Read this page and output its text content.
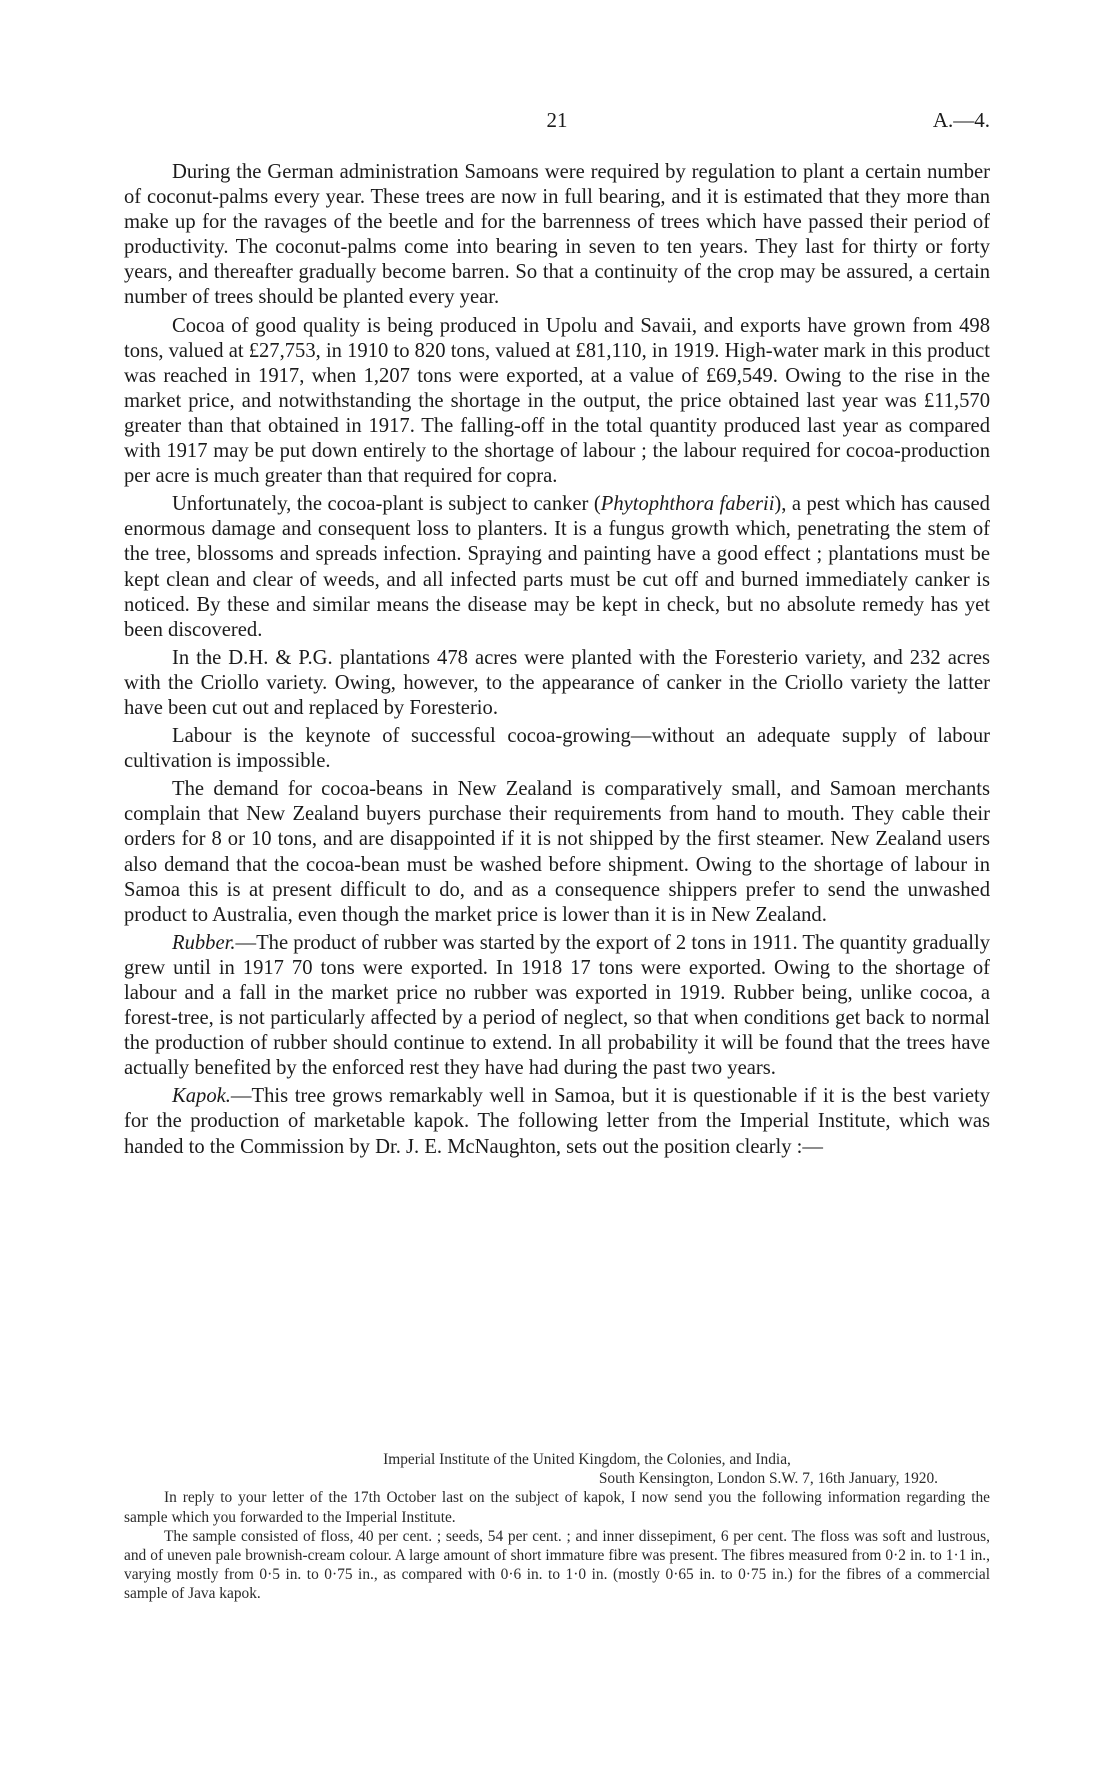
21	A.—4.

During the German administration Samoans were required by regulation to plant a certain number of coconut-palms every year. These trees are now in full bearing, and it is estimated that they more than make up for the ravages of the beetle and for the barrenness of trees which have passed their period of productivity. The coconut-palms come into bearing in seven to ten years. They last for thirty or forty years, and thereafter gradually become barren. So that a continuity of the crop may be assured, a certain number of trees should be planted every year.

Cocoa of good quality is being produced in Upolu and Savaii, and exports have grown from 498 tons, valued at £27,753, in 1910 to 820 tons, valued at £81,110, in 1919. High-water mark in this product was reached in 1917, when 1,207 tons were exported, at a value of £69,549. Owing to the rise in the market price, and notwithstanding the shortage in the output, the price obtained last year was £11,570 greater than that obtained in 1917. The falling-off in the total quantity produced last year as compared with 1917 may be put down entirely to the shortage of labour ; the labour required for cocoa-production per acre is much greater than that required for copra.

Unfortunately, the cocoa-plant is subject to canker (Phytophthora faberii), a pest which has caused enormous damage and consequent loss to planters. It is a fungus growth which, penetrating the stem of the tree, blossoms and spreads infection. Spraying and painting have a good effect ; plantations must be kept clean and clear of weeds, and all infected parts must be cut off and burned immediately canker is noticed. By these and similar means the disease may be kept in check, but no absolute remedy has yet been discovered.

In the D.H. & P.G. plantations 478 acres were planted with the Foresterio variety, and 232 acres with the Criollo variety. Owing, however, to the appearance of canker in the Criollo variety the latter have been cut out and replaced by Foresterio.

Labour is the keynote of successful cocoa-growing—without an adequate supply of labour cultivation is impossible.

The demand for cocoa-beans in New Zealand is comparatively small, and Samoan merchants complain that New Zealand buyers purchase their requirements from hand to mouth. They cable their orders for 8 or 10 tons, and are disappointed if it is not shipped by the first steamer. New Zealand users also demand that the cocoa-bean must be washed before shipment. Owing to the shortage of labour in Samoa this is at present difficult to do, and as a consequence shippers prefer to send the unwashed product to Australia, even though the market price is lower than it is in New Zealand.

Rubber.—The product of rubber was started by the export of 2 tons in 1911. The quantity gradually grew until in 1917 70 tons were exported. In 1918 17 tons were exported. Owing to the shortage of labour and a fall in the market price no rubber was exported in 1919. Rubber being, unlike cocoa, a forest-tree, is not particularly affected by a period of neglect, so that when conditions get back to normal the production of rubber should continue to extend. In all probability it will be found that the trees have actually benefited by the enforced rest they have had during the past two years.

Kapok.—This tree grows remarkably well in Samoa, but it is questionable if it is the best variety for the production of marketable kapok. The following letter from the Imperial Institute, which was handed to the Commission by Dr. J. E. McNaughton, sets out the position clearly :—

Imperial Institute of the United Kingdom, the Colonies, and India,
South Kensington, London S.W. 7, 16th January, 1920.

In reply to your letter of the 17th October last on the subject of kapok, I now send you the following information regarding the sample which you forwarded to the Imperial Institute.

The sample consisted of floss, 40 per cent. ; seeds, 54 per cent. ; and inner dissepiment, 6 per cent. The floss was soft and lustrous, and of uneven pale brownish-cream colour. A large amount of short immature fibre was present. The fibres measured from 0·2 in. to 1·1 in., varying mostly from 0·5 in. to 0·75 in., as compared with 0·6 in. to 1·0 in. (mostly 0·65 in. to 0·75 in.) for the fibres of a commercial sample of Java kapok.
